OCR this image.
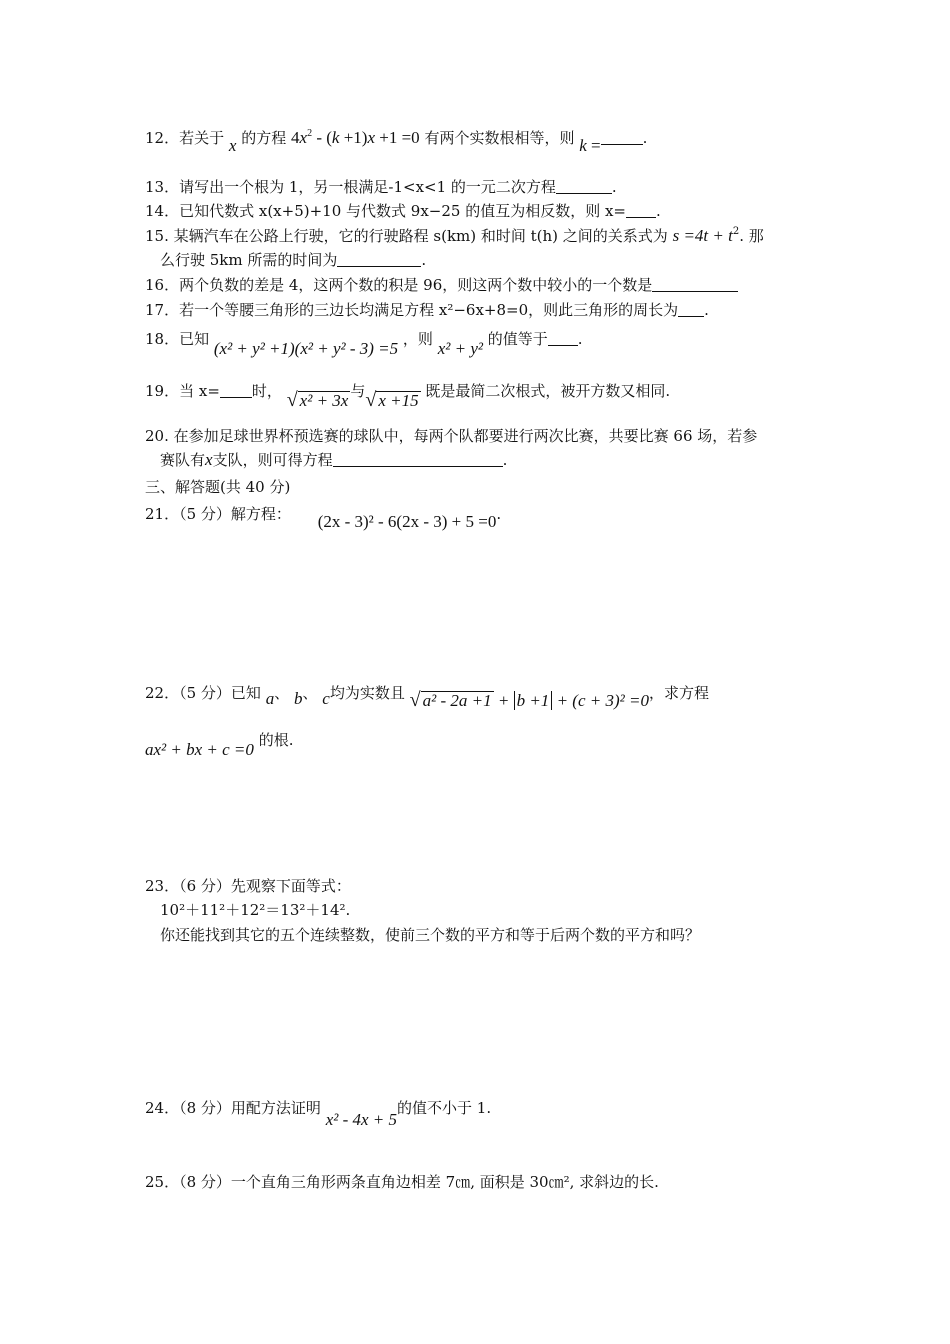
12．若关于 x 的方程 $4x^2 - (k +1)x +1 =0$ 有两个实数根相等，则 k =	.
13．请写出一个根为 1，另一根满足-1<x<1 的一元二次方程	.
14．已知代数式 x(x+5)+10 与代数式 9x−25 的值互为相反数，则 x= .
15. 某辆汽车在公路上行驶，它的行驶路程 s(km) 和时间 t(h) 之间的关系式为 $s =4t + t^2$. 那
么行驶 5km 所需的时间为	.
16．两个负数的差是 4，这两个数的积是 96，则这两个数中较小的一个数是
17．若一个等腰三角形的三边长均满足方程 x²−6x+8=0，则此三角形的周长为 .
18．已知 (x² + y² +1)(x² + y² - 3) =5 ，则 x² + y² 的值等于 .
19．当 x= 时， √ x² + 3x 与 √ x +15 既是最简二次根式，被开方数又相同.
20. 在参加足球世界杯预选赛的球队中，每两个队都要进行两次比赛，共要比赛 66 场，若参
赛队有x支队，则可得方程	.
三、解答题(共 40 分)
21．（5 分）解方程： (2x - 3)² - 6(2x - 3) + 5 =0.
22．（5 分）已知 a、 b、 c均为实数且 √ a² - 2a +1 + b +1 + (c + 3)² =0，求方程
ax² + bx + c =0 的根.
23．（6 分）先观察下面等式：
10²＋11²＋12²＝13²＋14².
你还能找到其它的五个连续整数，使前三个数的平方和等于后两个数的平方和吗？
24．（8 分）用配方法证明 x² - 4x + 5的值不小于 1.
25．（8 分）一个直角三角形两条直角边相差 7㎝, 面积是 30㎝², 求斜边的长.
